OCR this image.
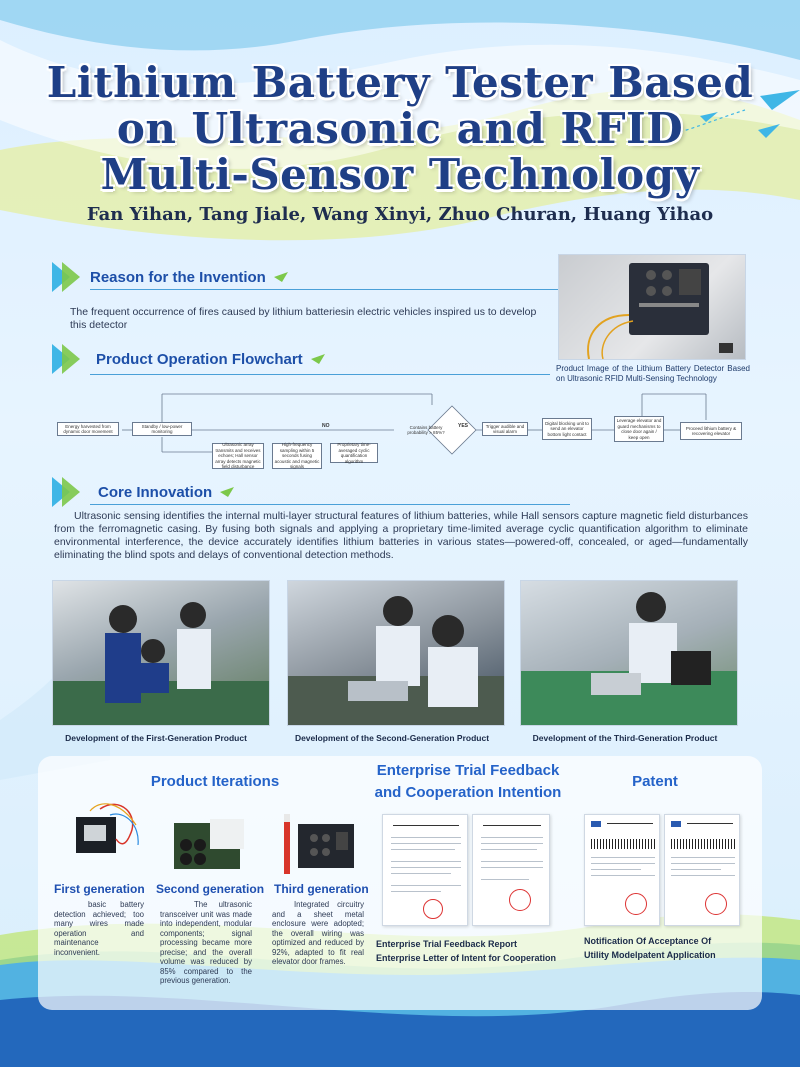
Lithium Battery Tester Based
on Ultrasonic and RFID
Multi-Sensor Technology
Fan Yihan, Tang Jiale, Wang Xinyi, Zhuo Churan, Huang Yihao
Reason for the Invention
The frequent occurrence of fires caused by lithium batteriesin electric vehicles inspired us to develop this detector
Product Image of the Lithium Battery Detector Based on Ultrasonic RFID Multi-Sensing Technology
Product Operation Flowchart
NO	YES
Energy harvested from dynamic door movement
Standby / low-power monitoring
Ultrasonic array transmits and receives echoes; Hall sensor array detects magnetic field disturbance
High-frequency sampling within 5 seconds fusing acoustic and magnetic signals
Proprietary time-averaged cyclic quantification algorithm
Contains battery probability > 85%?
Trigger audible and visual alarm
Digital blocking unit to send an elevator bottom light contact
Leverage elevator and guard mechanisms to close door again / keep open
Proceed lithium battery & recovering elevator
Core Innovation
Ultrasonic sensing identifies the internal multi-layer structural features of lithium batteries, while Hall sensors capture magnetic field disturbances from the ferromagnetic casing. By fusing both signals and applying a proprietary time-limited average cyclic quantification algorithm to eliminate environmental interference, the device accurately identifies lithium batteries in various states—powered-off, concealed, or aged—fundamentally eliminating the blind spots and delays of conventional detection methods.
Development of the First-Generation Product	Development of the Second-Generation Product	Development of the Third-Generation Product
Product Iterations
First generation Second generation Third generation
basic battery detection achieved; too many wires made operation and maintenance inconvenient.
The ultrasonic transceiver unit was made into independent, modular components; signal processing became more precise; and the overall volume was reduced by 85% compared to the previous generation.
Integrated circuitry and a sheet metal enclosure were adopted; the overall wiring was optimized and reduced by 92%, adapted to fit real elevator door frames.
Enterprise Trial Feedback
and Cooperation Intention
Enterprise Trial Feedback Report
Enterprise Letter of Intent for Cooperation
Patent
Notification Of Acceptance Of
Utility Modelpatent Application
